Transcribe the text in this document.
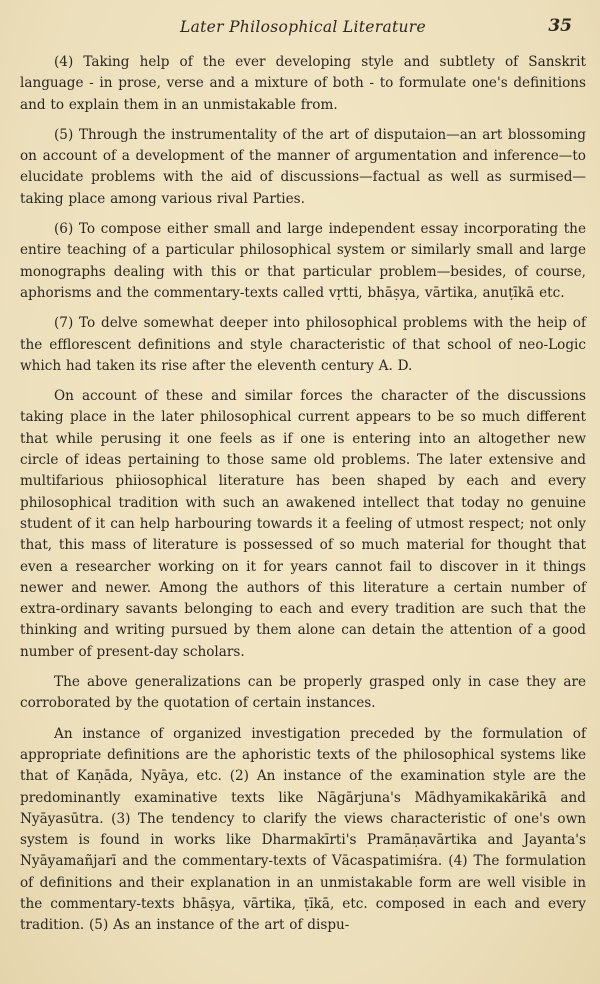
Later Philosophical Literature	35

(4) Taking help of the ever developing style and subtlety of Sanskrit language - in prose, verse and a mixture of both - to formulate one's definitions and to explain them in an unmistakable from.

(5) Through the instrumentality of the art of disputaion—an art blossoming on account of a development of the manner of argumentation and inference—to elucidate problems with the aid of discussions—factual as well as surmised—taking place among various rival Parties.

(6) To compose either small and large independent essay incorporating the entire teaching of a particular philosophical system or similarly small and large monographs dealing with this or that particular problem—besides, of course, aphorisms and the commentary-texts called vṛtti, bhāṣya, vārtika, anuṭīkā etc.

(7) To delve somewhat deeper into philosophical problems with the heip of the efflorescent definitions and style characteristic of that school of neo-Logic which had taken its rise after the eleventh century A. D.

On account of these and similar forces the character of the discussions taking place in the later philosophical current appears to be so much different that while perusing it one feels as if one is entering into an altogether new circle of ideas pertaining to those same old problems. The later extensive and multifarious phiiosophical literature has been shaped by each and every philosophical tradition with such an awakened intellect that today no genuine student of it can help harbouring towards it a feeling of utmost respect; not only that, this mass of literature is possessed of so much material for thought that even a researcher working on it for years cannot fail to discover in it things newer and newer. Among the authors of this literature a certain number of extra-ordinary savants belonging to each and every tradition are such that the thinking and writing pursued by them alone can detain the attention of a good number of present-day scholars.

The above generalizations can be properly grasped only in case they are corroborated by the quotation of certain instances.

An instance of organized investigation preceded by the formulation of appropriate definitions are the aphoristic texts of the philosophical systems like that of Kaṇāda, Nyāya, etc. (2) An instance of the examination style are the predominantly examinative texts like Nāgārjuna's Mādhyamikakārikā and Nyāyasūtra. (3) The tendency to clarify the views characteristic of one's own system is found in works like Dharmakīrti's Pramāṇavārtika and Jayanta's Nyāyamañjarī and the commentary-texts of Vācaspatimiśra. (4) The formulation of definitions and their explanation in an unmistakable form are well visible in the commentary-texts bhāṣya, vārtika, ṭīkā, etc. composed in each and every tradition. (5) As an instance of the art of dispu-
